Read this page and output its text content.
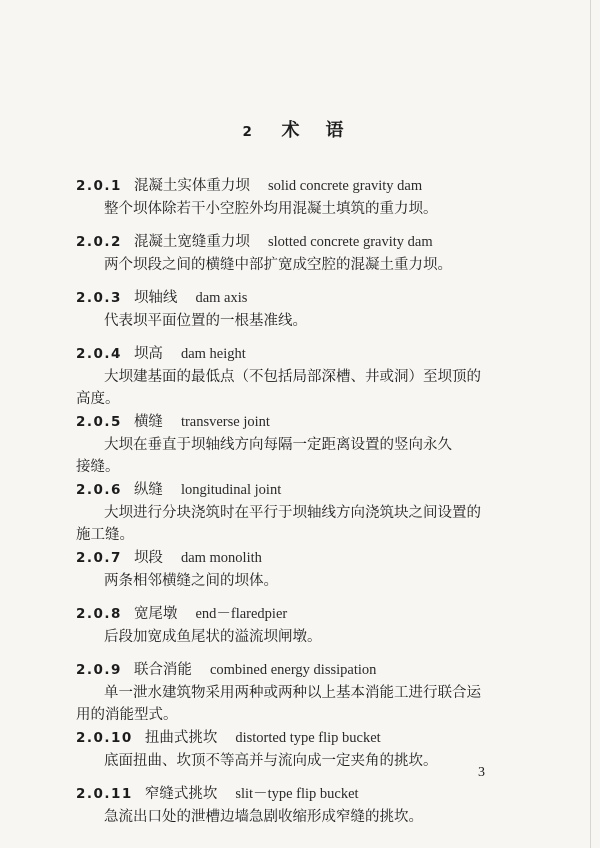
2 术 语
2.0.1 混凝土实体重力坝 solid concrete gravity dam
整个坝体除若干小空腔外均用混凝土填筑的重力坝。
2.0.2 混凝土宽缝重力坝 slotted concrete gravity dam
两个坝段之间的横缝中部扩宽成空腔的混凝土重力坝。
2.0.3 坝轴线 dam axis
代表坝平面位置的一根基准线。
2.0.4 坝高 dam height
大坝建基面的最低点（不包括局部深槽、井或洞）至坝顶的
高度。
2.0.5 横缝 transverse joint
大坝在垂直于坝轴线方向每隔一定距离设置的竖向永久
接缝。
2.0.6 纵缝 longitudinal joint
大坝进行分块浇筑时在平行于坝轴线方向浇筑块之间设置的
施工缝。
2.0.7 坝段 dam monolith
两条相邻横缝之间的坝体。
2.0.8 宽尾墩 end－flaredpier
后段加宽成鱼尾状的溢流坝闸墩。
2.0.9 联合消能 combined energy dissipation
单一泄水建筑物采用两种或两种以上基本消能工进行联合运
用的消能型式。
2.0.10 扭曲式挑坎 distorted type flip bucket
底面扭曲、坎顶不等高并与流向成一定夹角的挑坎。
2.0.11 窄缝式挑坎 slit－type flip bucket
急流出口处的泄槽边墙急剧收缩形成窄缝的挑坎。
3
